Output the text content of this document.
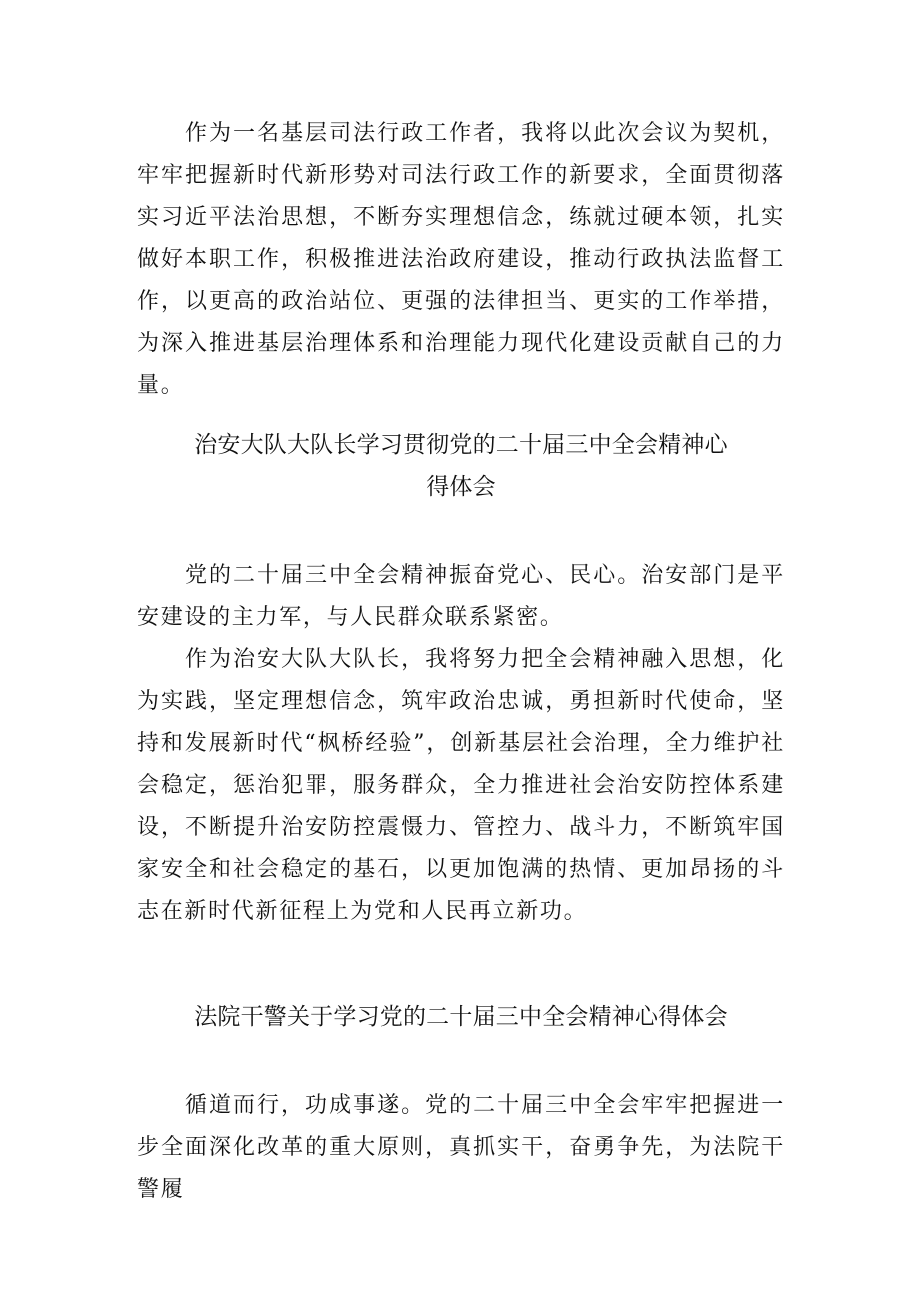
作为一名基层司法行政工作者，我将以此次会议为契机，牢牢把握新时代新形势对司法行政工作的新要求，全面贯彻落实习近平法治思想，不断夯实理想信念，练就过硬本领，扎实做好本职工作，积极推进法治政府建设，推动行政执法监督工作，以更高的政治站位、更强的法律担当、更实的工作举措，为深入推进基层治理体系和治理能力现代化建设贡献自己的力量。

治安大队大队长学习贯彻党的二十届三中全会精神心
得体会

党的二十届三中全会精神振奋党心、民心。治安部门是平安建设的主力军，与人民群众联系紧密。

作为治安大队大队长，我将努力把全会精神融入思想，化为实践，坚定理想信念，筑牢政治忠诚，勇担新时代使命，坚持和发展新时代“枫桥经验”，创新基层社会治理，全力维护社会稳定，惩治犯罪，服务群众，全力推进社会治安防控体系建设，不断提升治安防控震慑力、管控力、战斗力，不断筑牢国家安全和社会稳定的基石，以更加饱满的热情、更加昂扬的斗志在新时代新征程上为党和人民再立新功。

法院干警关于学习党的二十届三中全会精神心得体会

循道而行，功成事遂。党的二十届三中全会牢牢把握进一步全面深化改革的重大原则，真抓实干，奋勇争先，为法院干警履
